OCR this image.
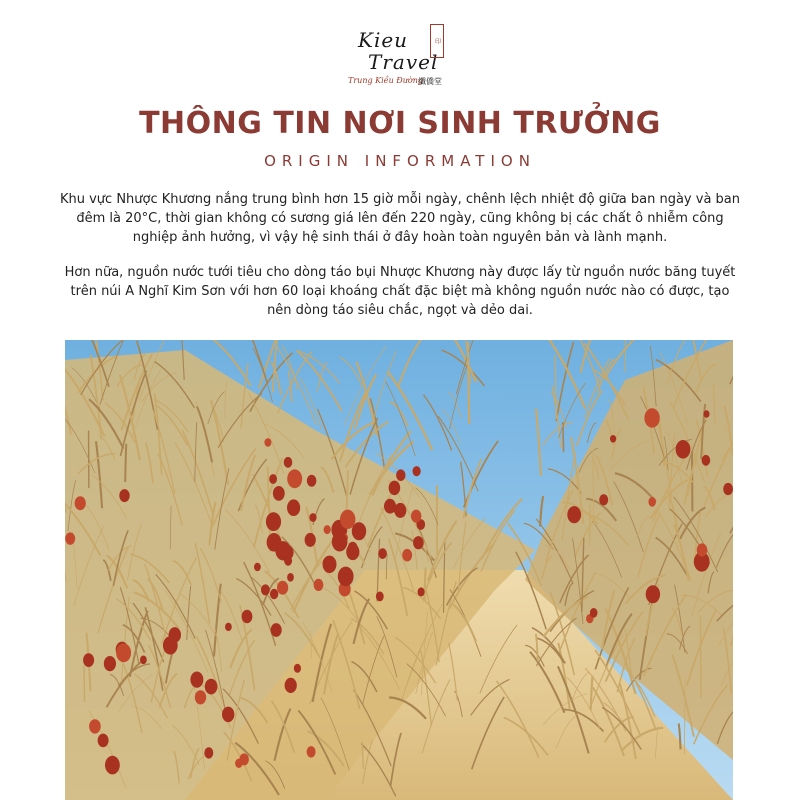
Kieu
Travel
印
Trung Kiều Đường
纖僑堂
THÔNG TIN NƠI SINH TRƯỞNG
ORIGIN INFORMATION
Khu vực Nhược Khương nắng trung bình hơn 15 giờ mỗi ngày, chênh lệch nhiệt độ giữa ban ngày và ban đêm là 20°C, thời gian không có sương giá lên đến 220 ngày, cũng không bị các chất ô nhiễm công nghiệp ảnh hưởng, vì vậy hệ sinh thái ở đây hoàn toàn nguyên bản và lành mạnh.
Hơn nữa, nguồn nước tưới tiêu cho dòng táo bụi Nhược Khương này được lấy từ nguồn nước băng tuyết trên núi A Nghĩ Kim Sơn với hơn 60 loại khoáng chất đặc biệt mà không nguồn nước nào có được, tạo nên dòng táo siêu chắc, ngọt và dẻo dai.
